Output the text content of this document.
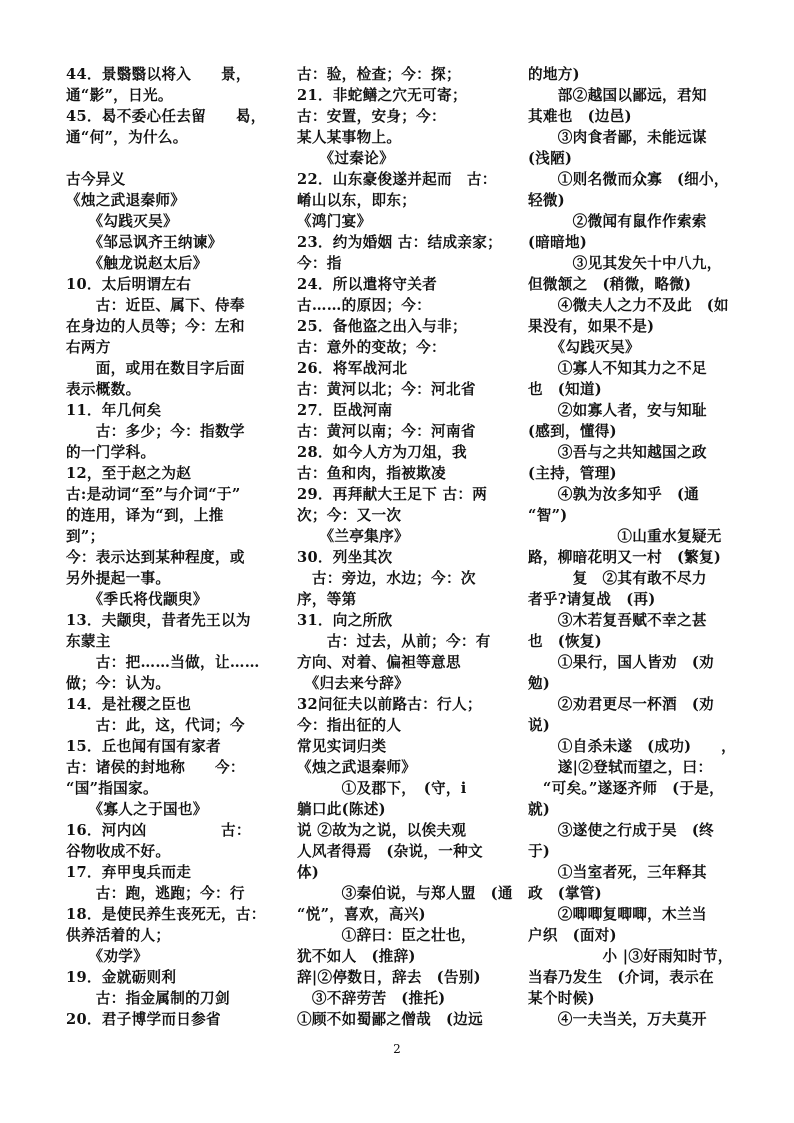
44．景翳翳以将入　　景，
通“影”，日光。
45．曷不委心任去留　　曷，
通“何”，为什么。
古今异义
《烛之武退秦师》
　　《勾践灭吴》
　　《邹忌讽齐王纳谏》
　　《触龙说赵太后》
10．太后明谓左右
　　古：近臣、属下、侍奉
在身边的人员等；今：左和
右两方
　　面，或用在数目字后面
表示概数。
11．年几何矣
　　古：多少；今：指数学
的一门学科。
12，至于赵之为赵
古:是动词“至”与介词“于”
的连用，译为“到，上推
到”；
今：表示达到某种程度，或
另外提起一事。
　　《季氏将伐颛臾》
13．夫颛臾，昔者先王以为
东蒙主
　　古：把……当做，让……
做；今：认为。
14．是社稷之臣也
　　古：此，这，代词；今
15．丘也闻有国有家者
古：诸侯的封地称　　今：
“国”指国家。
　　《寡人之于国也》
16．河内凶　　　　　古：
谷物收成不好。
17．弃甲曳兵而走
　　古：跑，逃跑；今：行
18．是使民养生丧死无，古：
供养活着的人；
　　《劝学》
19．金就砺则利
　　古：指金属制的刀剑
20．君子博学而日参省
古：验，检查；今：探；
21．非蛇鳝之穴无可寄；
古：安置，安身；今：
某人某事物上。
　　《过秦论》
22．山东豪俊遂并起而　古：
崤山以东，即东；
《鸿门宴》
23．约为婚姻 古：结成亲家；
今：指
24．所以遣将守关者
古……的原因；今：
25．备他盗之出入与非；
古：意外的变故；今：
26．将军战河北
古：黄河以北；今：河北省
27．臣战河南
古：黄河以南；今：河南省
28．如今人方为刀俎，我
古：鱼和肉，指被欺凌
29．再拜献大王足下 古：两
次；今：又一次
　　《兰亭集序》
30．列坐其次
　古：旁边，水边；今：次
序，等第
31．向之所欣
　　古：过去，从前；今：有
方向、对着、偏袒等意思
　《归去来兮辞》
32问征夫以前路古：行人；
今：指出征的人
常见实词归类
《烛之武退秦师》
　　　①及郡下，　(守，i
躺口此(陈述)
说 ②故为之说，以俟夫观
人风者得焉　(杂说，一种文
体)
　　　③秦伯说，与郑人盟　(通
“悦”，喜欢，高兴)
　　　①辞曰：臣之壮也，
犹不如人　(推辞)
辞|②停数日，辞去　(告别)
　③不辞劳苦　(推托)
①顾不如蜀鄙之僧哉　(边远
的地方)
　　部②越国以鄙远，君知
其难也　(边邑)
　　③肉食者鄙，未能远谋
(浅陋)
　　①则名微而众寡　(细小，
轻微)
　　　②微闻有鼠作作索索
(暗暗地)
　　　③见其发矢十中八九，
但微颔之　(稍微，略微)
　　④微夫人之力不及此　(如
果没有，如果不是)
　　《勾践灭吴》
　　①寡人不知其力之不足
也　(知道)
　　②如寡人者，安与知耻
(感到，懂得)
　　③吾与之共知越国之政
(主持，管理)
　　④孰为汝多知乎　(通
“智”)
　　　　　　①山重水复疑无
路，柳暗花明又一村　(繁复)
　　　复　②其有敢不尽力
者乎?请复战　(再)
　　③木若复吾赋不幸之甚
也　(恢复)
　　①果行，国人皆劝　(劝
勉)
　　②劝君更尽一杯酒　(劝
说)
　　①自杀未遂　(成功)　　，
　　遂|②登轼而望之，曰：
　“可矣。”遂逐齐师　(于是，
就)
　　③遂使之行成于吴　(终
于)
　　①当室者死，三年释其
政　(掌管)
　　②唧唧复唧唧，木兰当
户织　(面对)
　　　　　小 |③好雨知时节，
当春乃发生　(介词，表示在
某个时候)
　　④一夫当关，万夫莫开
2
